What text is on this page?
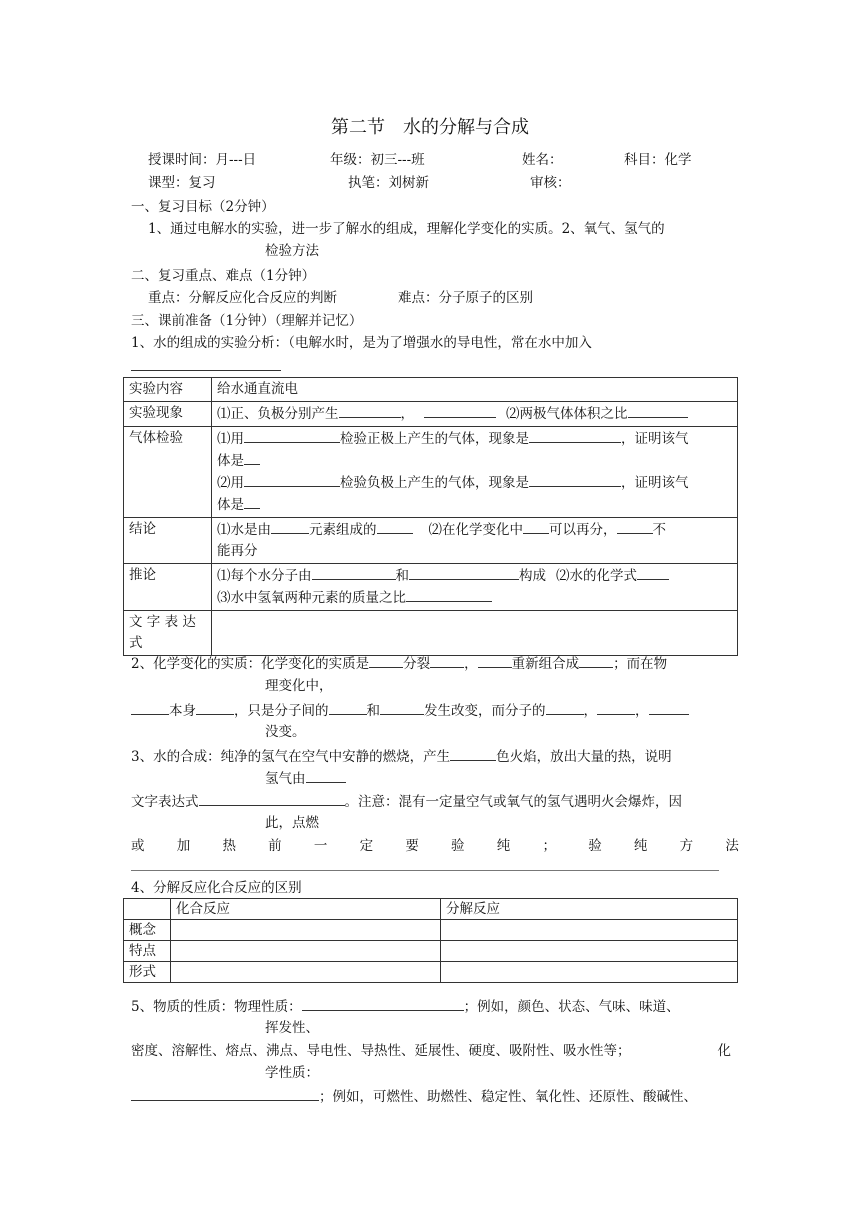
第二节　水的分解与合成
授课时间：月---日	年级：初三---班	姓名：	科目：化学
课型：复习	执笔：刘树新	审核：
一、复习目标（2分钟）
1、通过电解水的实验，进一步了解水的组成，理解化学变化的实质。2、氧气、氢气的
检验方法
二、复习重点、难点（1分钟）
重点：分解反应化合反应的判断	难点：分子原子的区别
三、课前准备（1分钟）（理解并记忆）
1、水的组成的实验分析：（电解水时，是为了增强水的导电性，常在水中加入
实验内容	给水通直流电
实验现象	⑴正、负极分别产生 ， ⑵两极气体体积之比
气体检验	⑴用 检验正极上产生的气体，现象是 ，证明该气
体是
⑵用 检验负极上产生的气体，现象是 ，证明该气
体是

结论	⑴水是由 元素组成的 ⑵在化学变化中 可以再分， 不
能再分

推论	⑴每个水分子由 和 构成 ⑵水的化学式
⑶水中氢氧两种元素的质量之比

文 字 表 达
式	

2、化学变化的实质：化学变化的实质是	分裂	，	重新组合成	；而在物
理变化中，
本身	，只是分子间的	和	发生改变，而分子的	，	，
没变。
3、水的合成：纯净的氢气在空气中安静的燃烧，产生	色火焰，放出大量的热，说明
氢气由
文字表达式	。注意：混有一定量空气或氧气的氢气遇明火会爆炸，因
此，点燃
或 加 热 前 一 定 要 验 纯 ； 验 纯 方 法
4、分解反应化合反应的区别
	化合反应	分解反应
概念		
特点		
形式		
5、物质的性质：物理性质：	；例如，颜色、状态、气味、味道、
挥发性、
密度、溶解性、熔点、沸点、导电性、导热性、延展性、硬度、吸附性、吸水性等；	化
学性质：
；例如，可燃性、助燃性、稳定性、氧化性、还原性、酸碱性、
